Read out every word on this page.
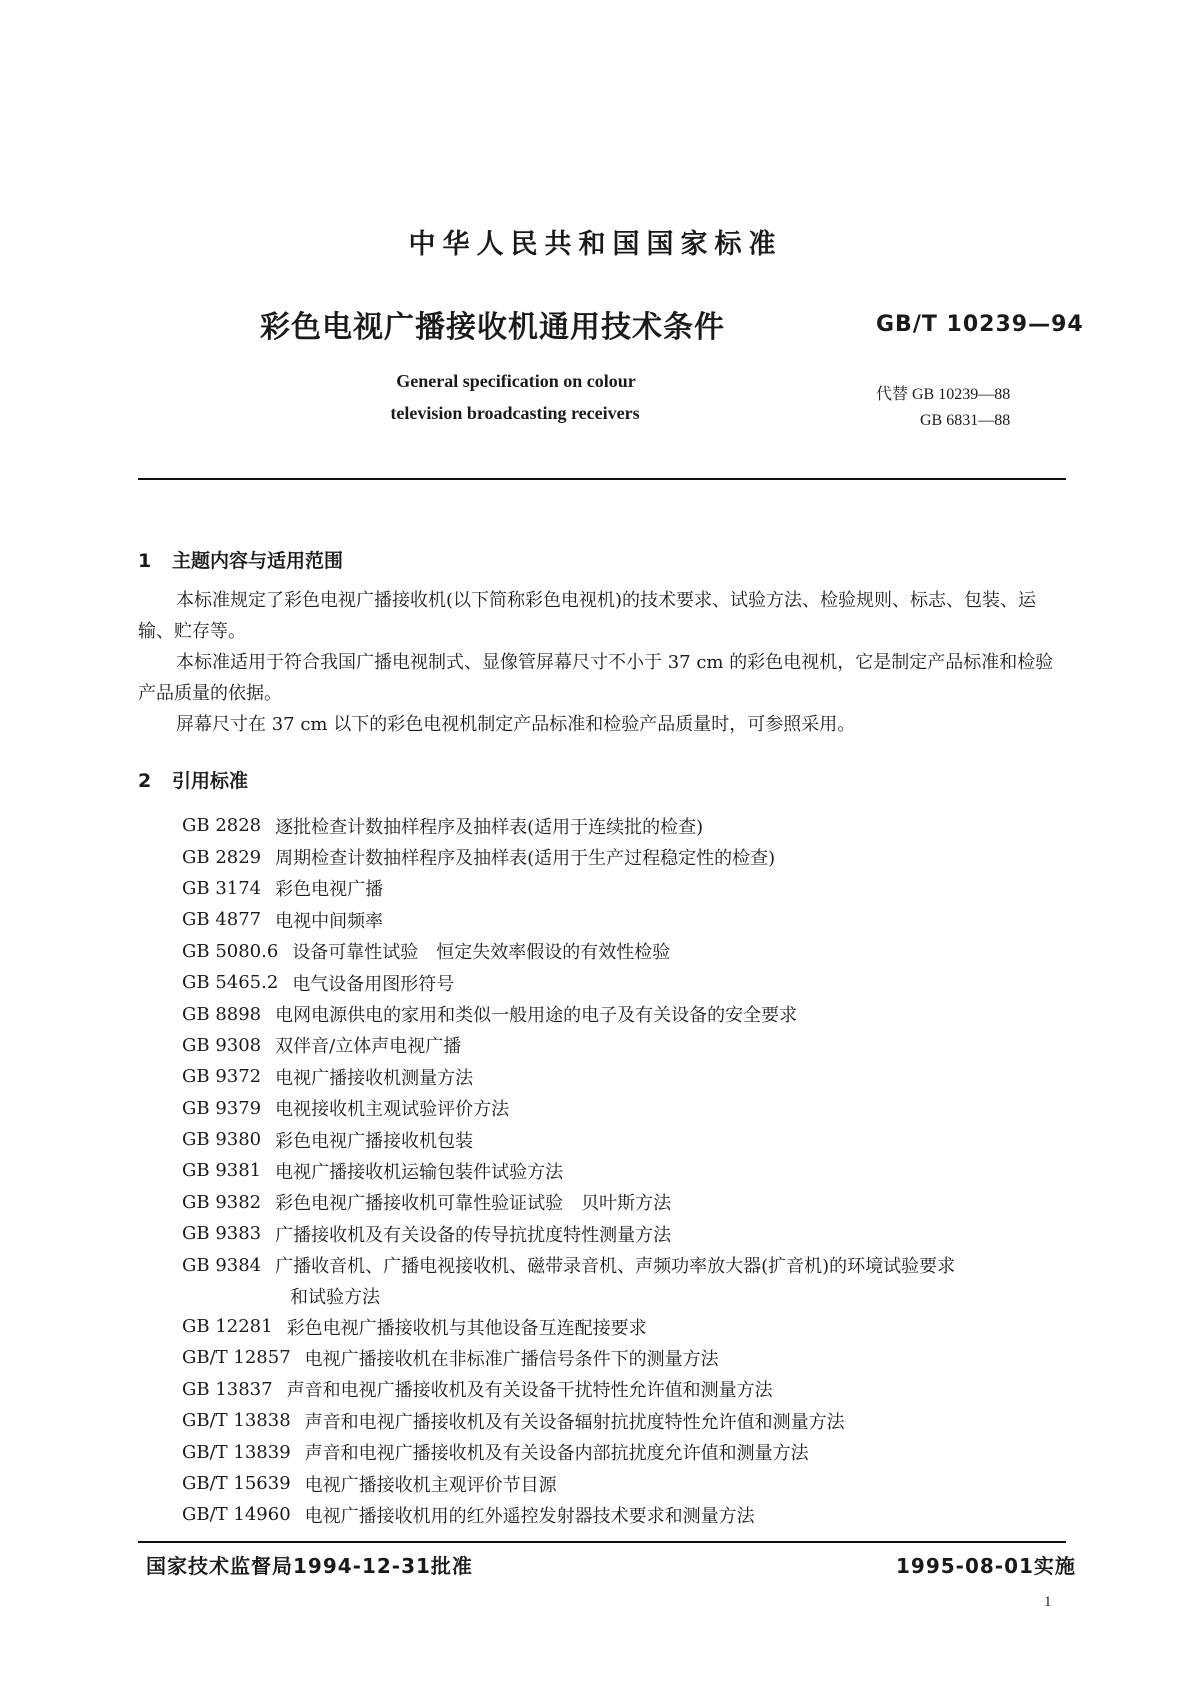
中华人民共和国国家标准
彩色电视广播接收机通用技术条件	GB/T 10239—94
General specification on colour
television broadcasting receivers
代替 GB 10239—88
GB 6831—88
1 主题内容与适用范围
本标准规定了彩色电视广播接收机(以下简称彩色电视机)的技术要求、试验方法、检验规则、标志、包装、运输、贮存等。
本标准适用于符合我国广播电视制式、显像管屏幕尺寸不小于 37 cm 的彩色电视机，它是制定产品标准和检验产品质量的依据。
屏幕尺寸在 37 cm 以下的彩色电视机制定产品标准和检验产品质量时，可参照采用。
2 引用标准
GB 2828 逐批检查计数抽样程序及抽样表(适用于连续批的检查)
GB 2829 周期检查计数抽样程序及抽样表(适用于生产过程稳定性的检查)
GB 3174 彩色电视广播
GB 4877 电视中间频率
GB 5080.6 设备可靠性试验　恒定失效率假设的有效性检验
GB 5465.2 电气设备用图形符号
GB 8898 电网电源供电的家用和类似一般用途的电子及有关设备的安全要求
GB 9308 双伴音/立体声电视广播
GB 9372 电视广播接收机测量方法
GB 9379 电视接收机主观试验评价方法
GB 9380 彩色电视广播接收机包装
GB 9381 电视广播接收机运输包装件试验方法
GB 9382 彩色电视广播接收机可靠性验证试验　贝叶斯方法
GB 9383 广播接收机及有关设备的传导抗扰度特性测量方法
GB 9384 广播收音机、广播电视接收机、磁带录音机、声频功率放大器(扩音机)的环境试验要求
和试验方法
GB 12281 彩色电视广播接收机与其他设备互连配接要求
GB/T 12857 电视广播接收机在非标准广播信号条件下的测量方法
GB 13837 声音和电视广播接收机及有关设备干扰特性允许值和测量方法
GB/T 13838 声音和电视广播接收机及有关设备辐射抗扰度特性允许值和测量方法
GB/T 13839 声音和电视广播接收机及有关设备内部抗扰度允许值和测量方法
GB/T 15639 电视广播接收机主观评价节目源
GB/T 14960 电视广播接收机用的红外遥控发射器技术要求和测量方法
国家技术监督局1994-12-31批准	1995-08-01实施
1
